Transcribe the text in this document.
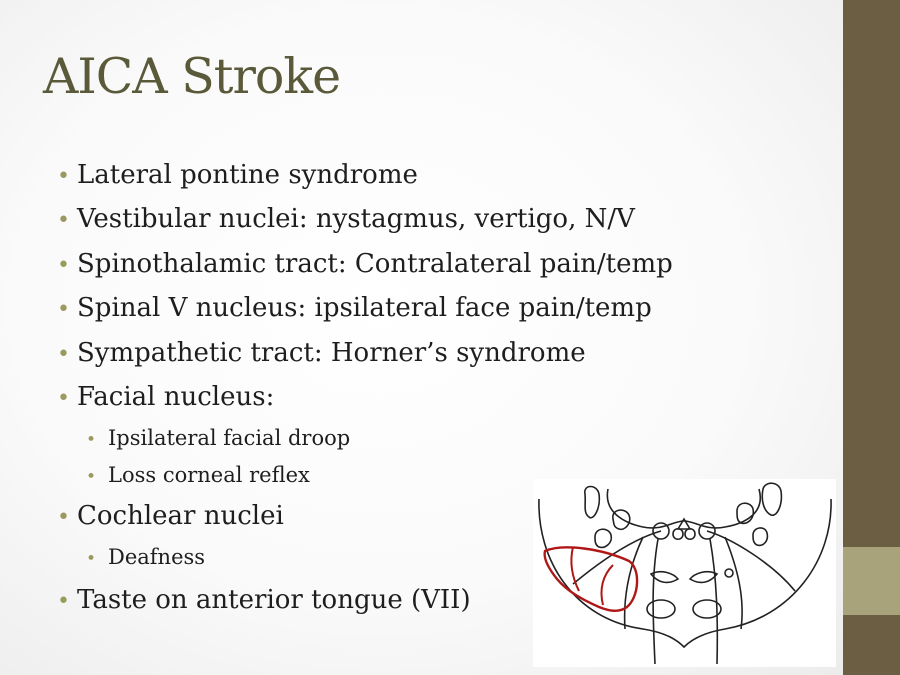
AICA Stroke
• Lateral pontine syndrome
• Vestibular nuclei: nystagmus, vertigo, N/V
• Spinothalamic tract: Contralateral pain/temp
• Spinal V nucleus: ipsilateral face pain/temp
• Sympathetic tract: Horner’s syndrome
• Facial nucleus:
• Ipsilateral facial droop
• Loss corneal reflex
• Cochlear nuclei
• Deafness
• Taste on anterior tongue (VII)
